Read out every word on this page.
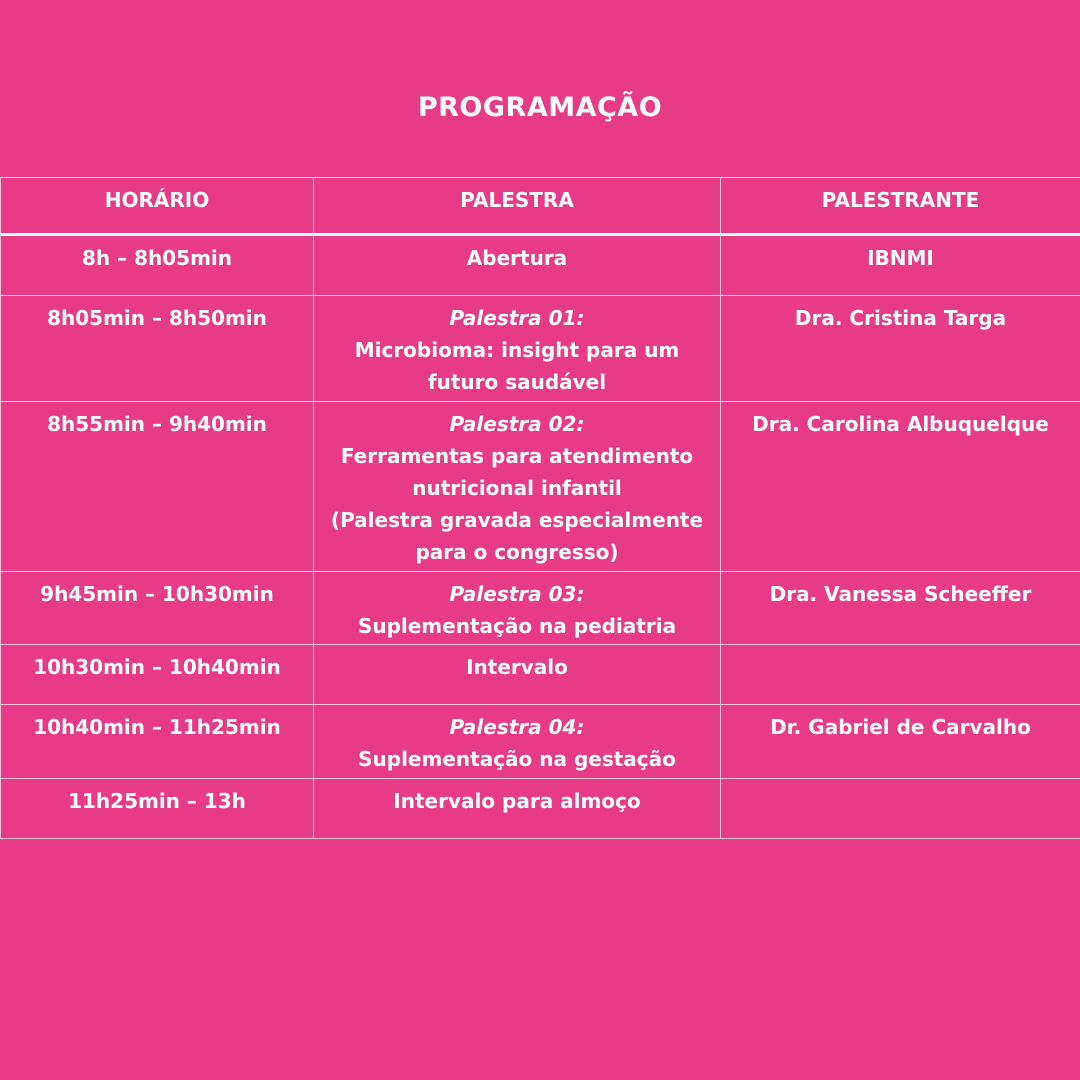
PROGRAMAÇÃO
HORÁRIO	PALESTRA	PALESTRANTE
8h – 8h05min	Abertura	IBNMI
8h05min – 8h50min	Palestra 01:
Microbioma: insight para um
futuro saudável	Dra. Cristina Targa
8h55min – 9h40min	Palestra 02:
Ferramentas para atendimento
nutricional infantil
(Palestra gravada especialmente
para o congresso)	Dra. Carolina Albuquelque
9h45min – 10h30min	Palestra 03:
Suplementação na pediatria	Dra. Vanessa Scheeffer
10h30min – 10h40min	Intervalo	

10h40min – 11h25min	Palestra 04:
Suplementação na gestação	Dr. Gabriel de Carvalho
11h25min – 13h	Intervalo para almoço	
